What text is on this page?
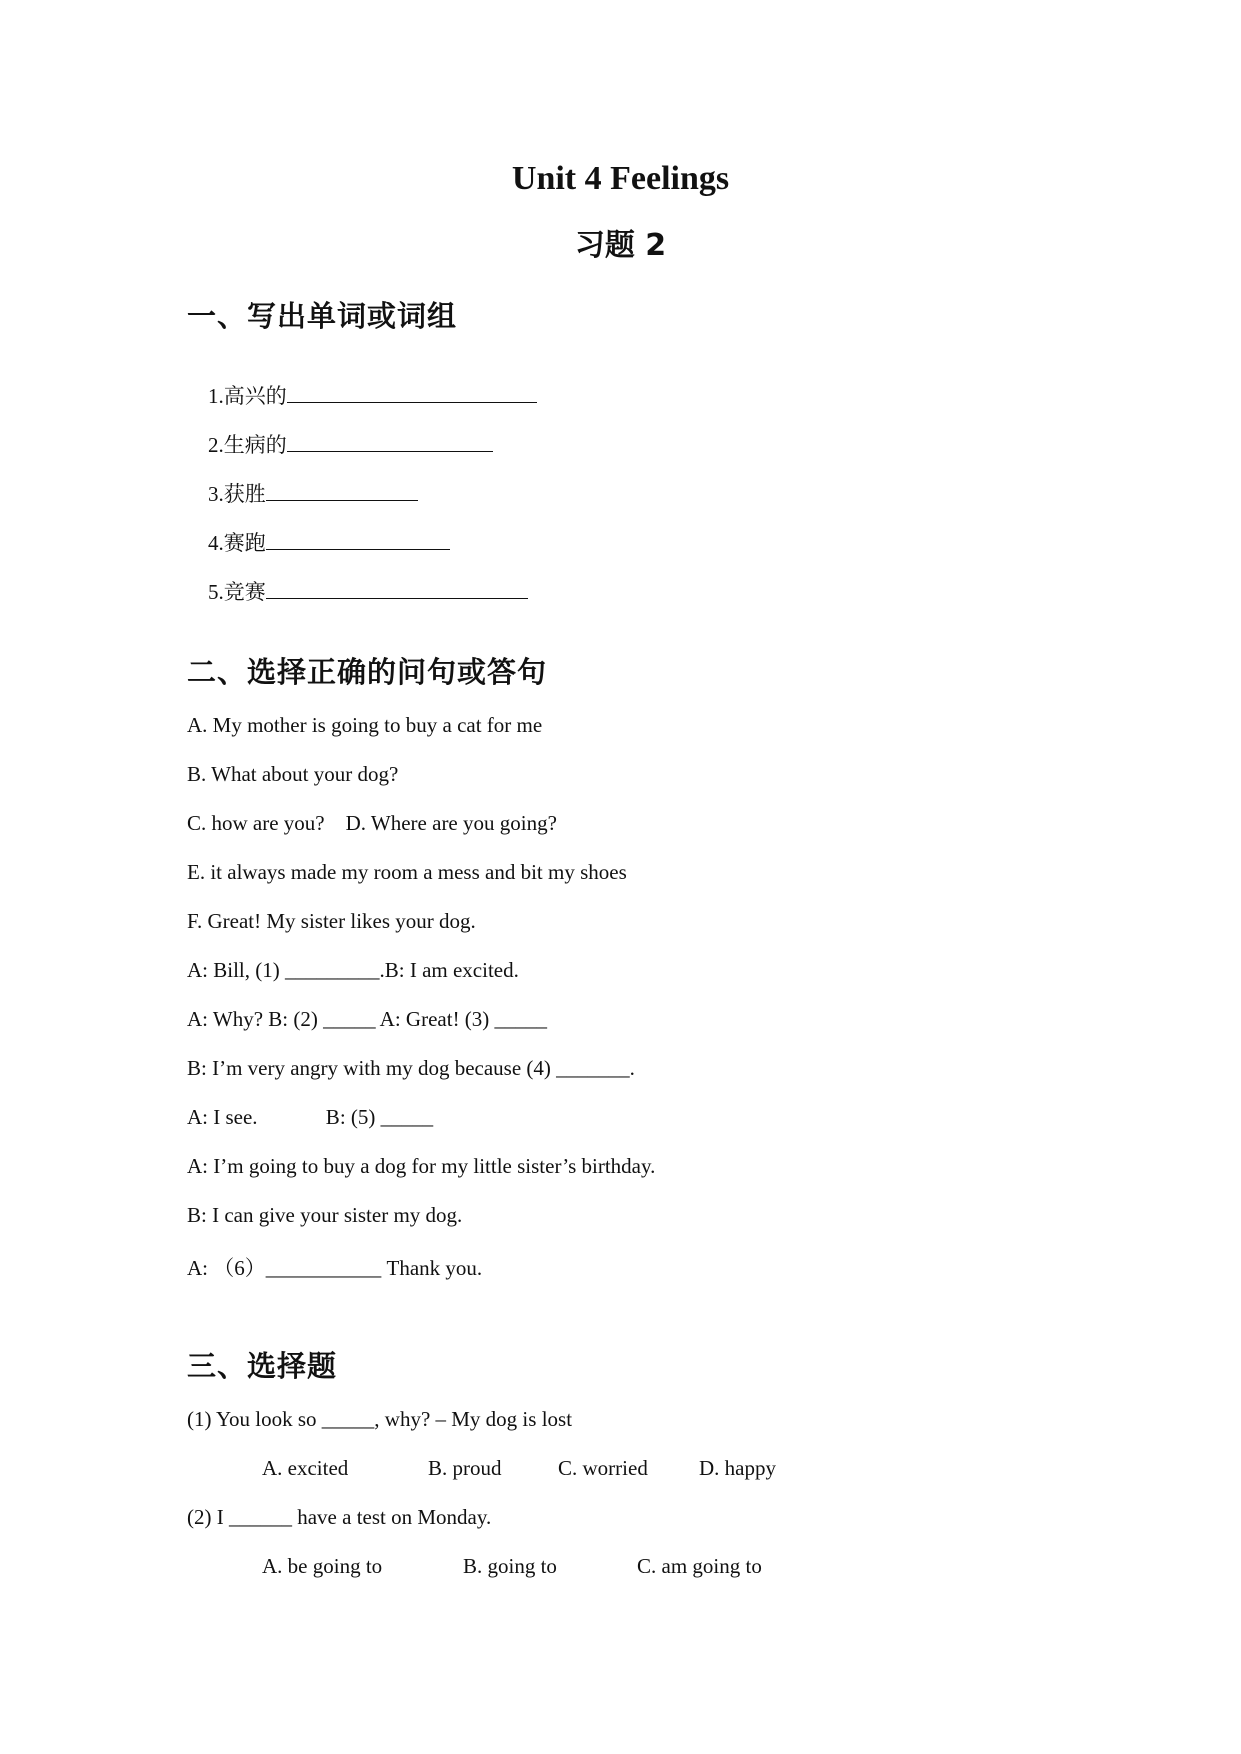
Unit 4 Feelings
习题 2
一、写出单词或词组

1.高兴的

2.生病的

3.获胜

4.赛跑

5.竞赛

二、选择正确的问句或答句
A. My mother is going to buy a cat for me
B. What about your dog?
C. how are you?    D. Where are you going?
E. it always made my room a mess and bit my shoes
F. Great! My sister likes your dog.
A: Bill, (1) _________.B: I am excited.
A: Why? B: (2) _____ A: Great! (3) _____
B: I’m very angry with my dog because (4) _______.
A: I see.             B: (5) _____
A: I’m going to buy a dog for my little sister’s birthday.
B: I can give your sister my dog.
A: （6）___________ Thank you.
三、选择题
(1) You look so _____, why? – My dog is lost
A. excited	B. proud	C. worried D. happy
(2) I ______ have a test on Monday.
A. be going to	B. going to	C. am going to
